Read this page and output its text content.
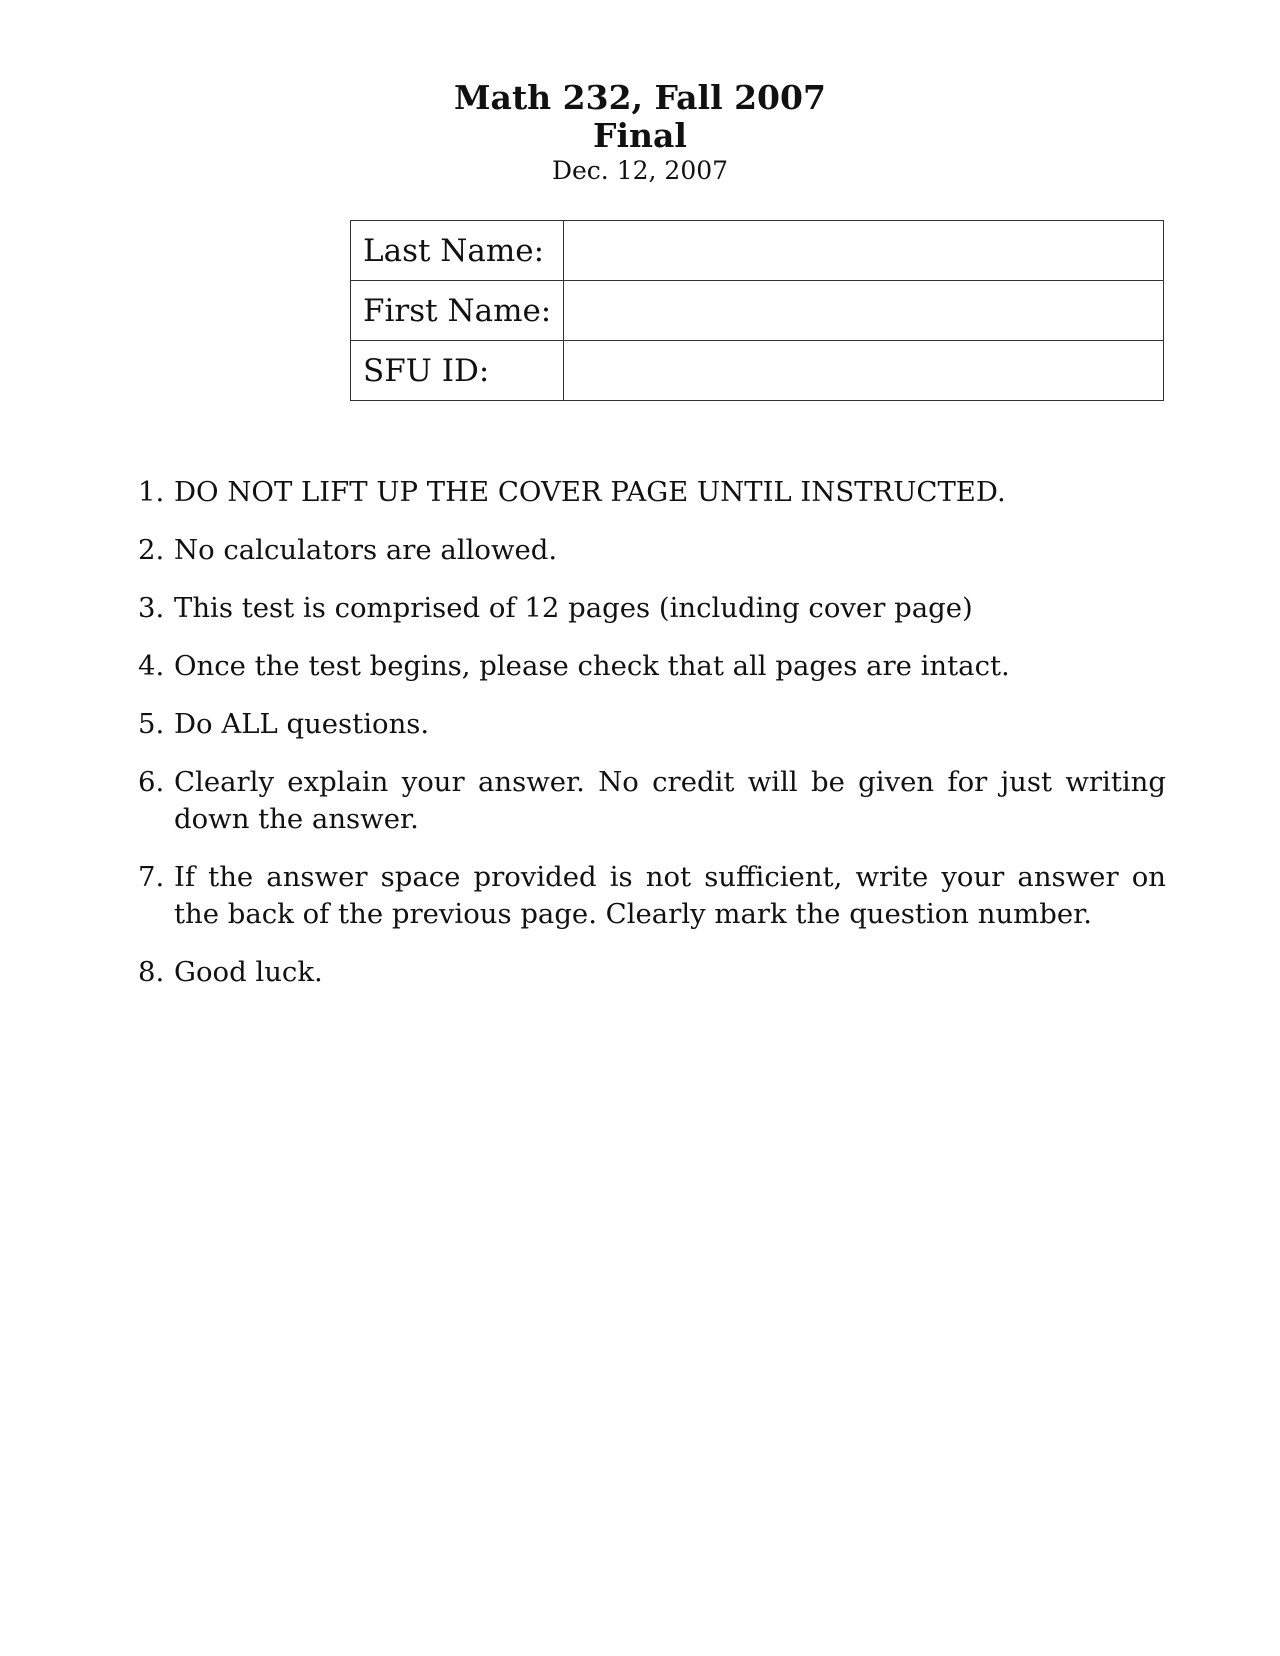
Math 232, Fall 2007
Final
Dec. 12, 2007
Last Name:	
First Name:	
SFU ID:	
1. DO NOT LIFT UP THE COVER PAGE UNTIL INSTRUCTED.
2. No calculators are allowed.
3. This test is comprised of 12 pages (including cover page)
4. Once the test begins, please check that all pages are intact.
5. Do ALL questions.
6. Clearly explain your answer. No credit will be given for just writing down the answer.
7. If the answer space provided is not sufficient, write your answer on the back of the previous page. Clearly mark the question number.
8. Good luck.
